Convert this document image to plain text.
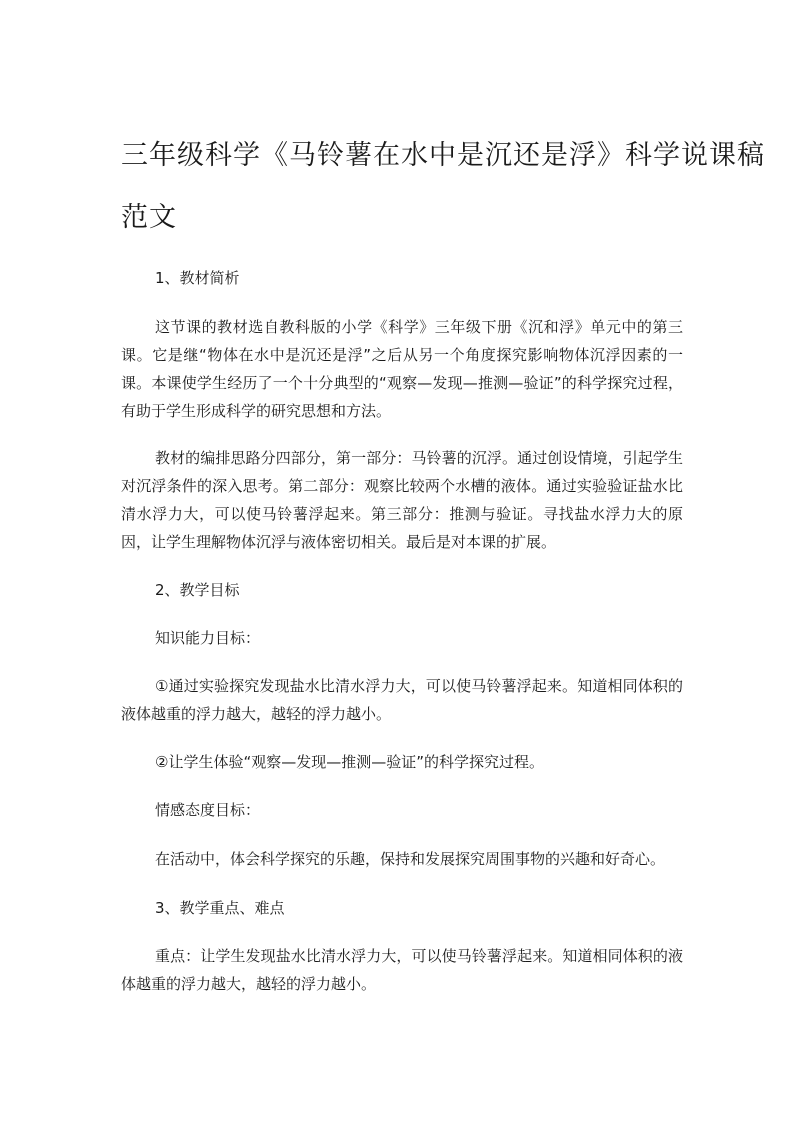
三年级科学《马铃薯在水中是沉还是浮》科学说课稿
范文

1、教材简析

这节课的教材选自教科版的小学《科学》三年级下册《沉和浮》单元中的第三课。它是继“物体在水中是沉还是浮”之后从另一个角度探究影响物体沉浮因素的一课。本课使学生经历了一个十分典型的“观察—发现—推测—验证”的科学探究过程，有助于学生形成科学的研究思想和方法。

教材的编排思路分四部分，第一部分：马铃薯的沉浮。通过创设情境，引起学生对沉浮条件的深入思考。第二部分：观察比较两个水槽的液体。通过实验验证盐水比清水浮力大，可以使马铃薯浮起来。第三部分：推测与验证。寻找盐水浮力大的原因，让学生理解物体沉浮与液体密切相关。最后是对本课的扩展。

2、教学目标

知识能力目标：

①通过实验探究发现盐水比清水浮力大，可以使马铃薯浮起来。知道相同体积的液体越重的浮力越大，越轻的浮力越小。

②让学生体验“观察—发现—推测—验证”的科学探究过程。

情感态度目标：

在活动中，体会科学探究的乐趣，保持和发展探究周围事物的兴趣和好奇心。

3、教学重点、难点

重点：让学生发现盐水比清水浮力大，可以使马铃薯浮起来。知道相同体积的液体越重的浮力越大，越轻的浮力越小。
